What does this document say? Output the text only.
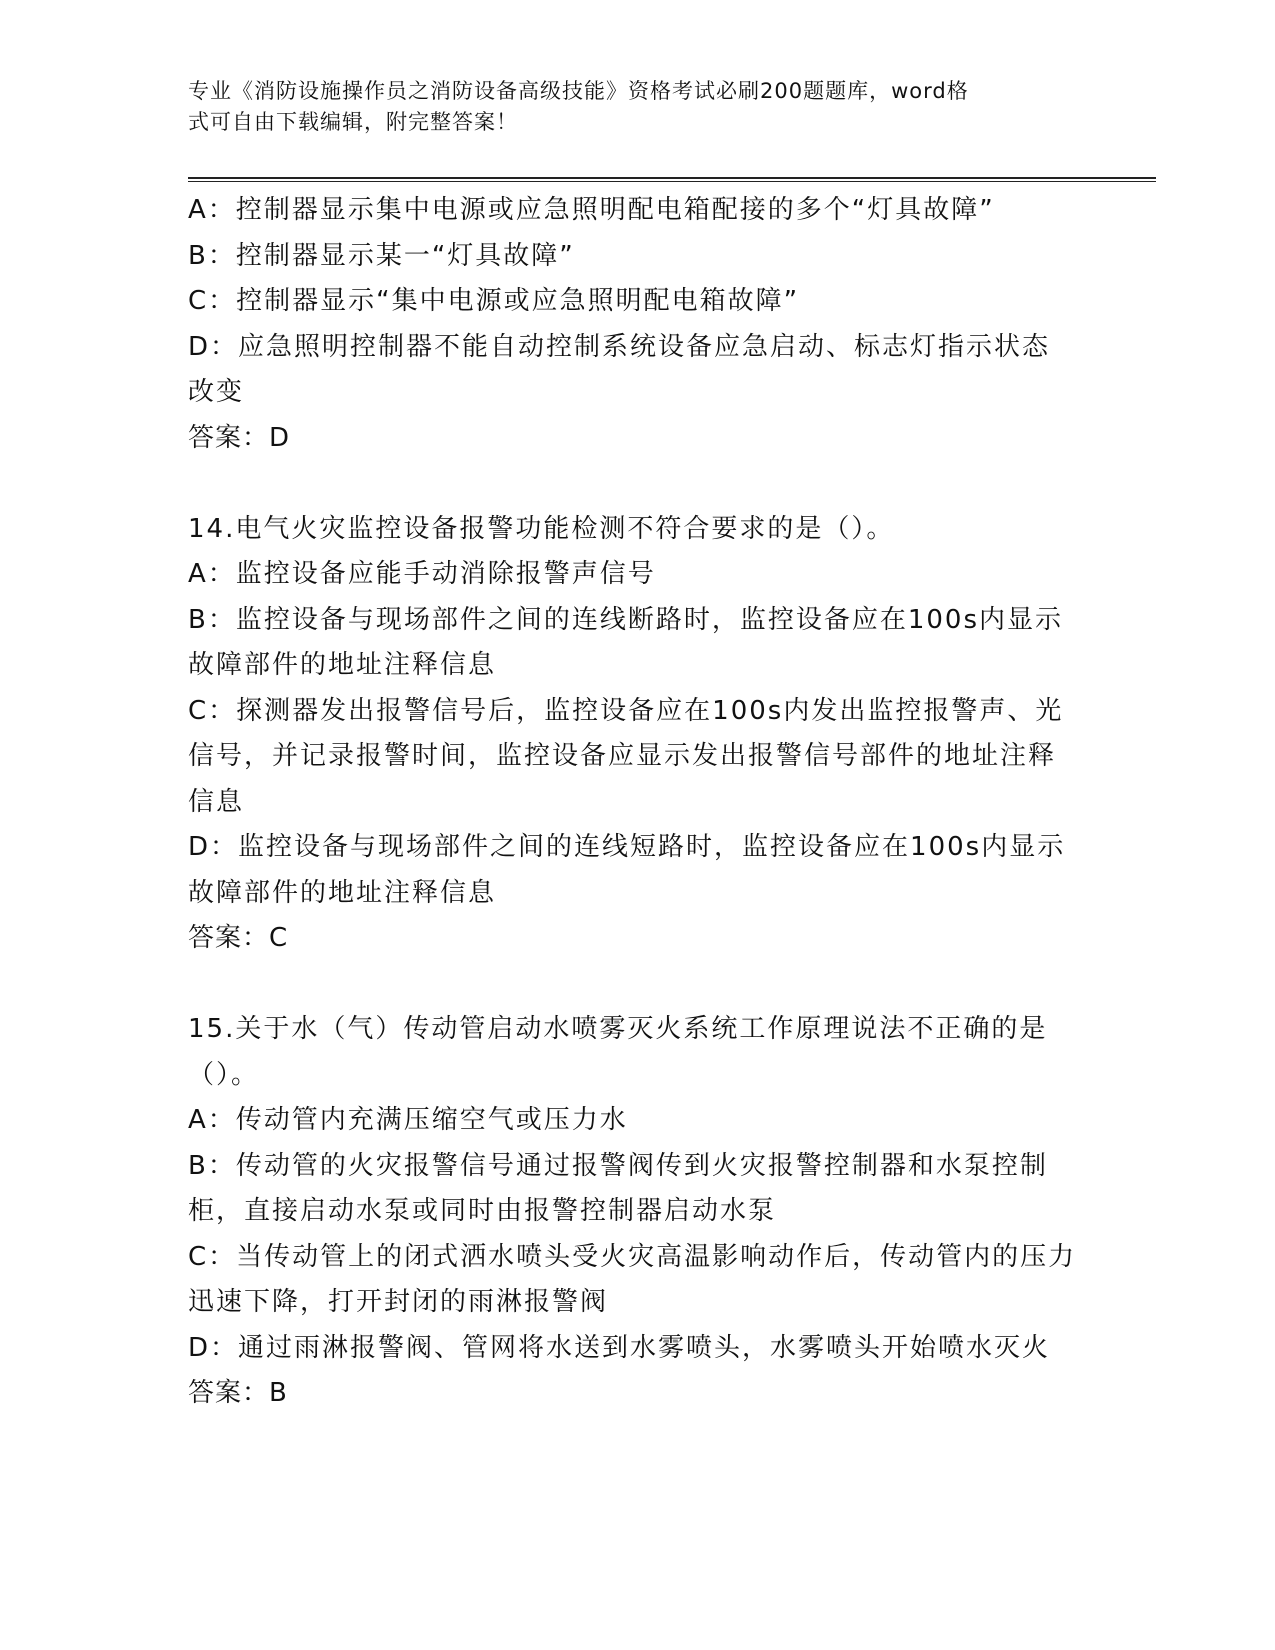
专业《消防设施操作员之消防设备高级技能》资格考试必刷200题题库，word格
式可自由下载编辑，附完整答案！
A：控制器显示集中电源或应急照明配电箱配接的多个“灯具故障”
B：控制器显示某一“灯具故障”
C：控制器显示“集中电源或应急照明配电箱故障”
D：应急照明控制器不能自动控制系统设备应急启动、标志灯指示状态改变
答案：D
14.电气火灾监控设备报警功能检测不符合要求的是（）。
A：监控设备应能手动消除报警声信号
B：监控设备与现场部件之间的连线断路时，监控设备应在100s内显示故障部件的地址注释信息
C：探测器发出报警信号后，监控设备应在100s内发出监控报警声、光信号，并记录报警时间，监控设备应显示发出报警信号部件的地址注释信息
D：监控设备与现场部件之间的连线短路时，监控设备应在100s内显示故障部件的地址注释信息
答案：C
15.关于水（气）传动管启动水喷雾灭火系统工作原理说法不正确的是（）。
A：传动管内充满压缩空气或压力水
B：传动管的火灾报警信号通过报警阀传到火灾报警控制器和水泵控制柜，直接启动水泵或同时由报警控制器启动水泵
C：当传动管上的闭式洒水喷头受火灾高温影响动作后，传动管内的压力迅速下降，打开封闭的雨淋报警阀
D：通过雨淋报警阀、管网将水送到水雾喷头，水雾喷头开始喷水灭火
答案：B
